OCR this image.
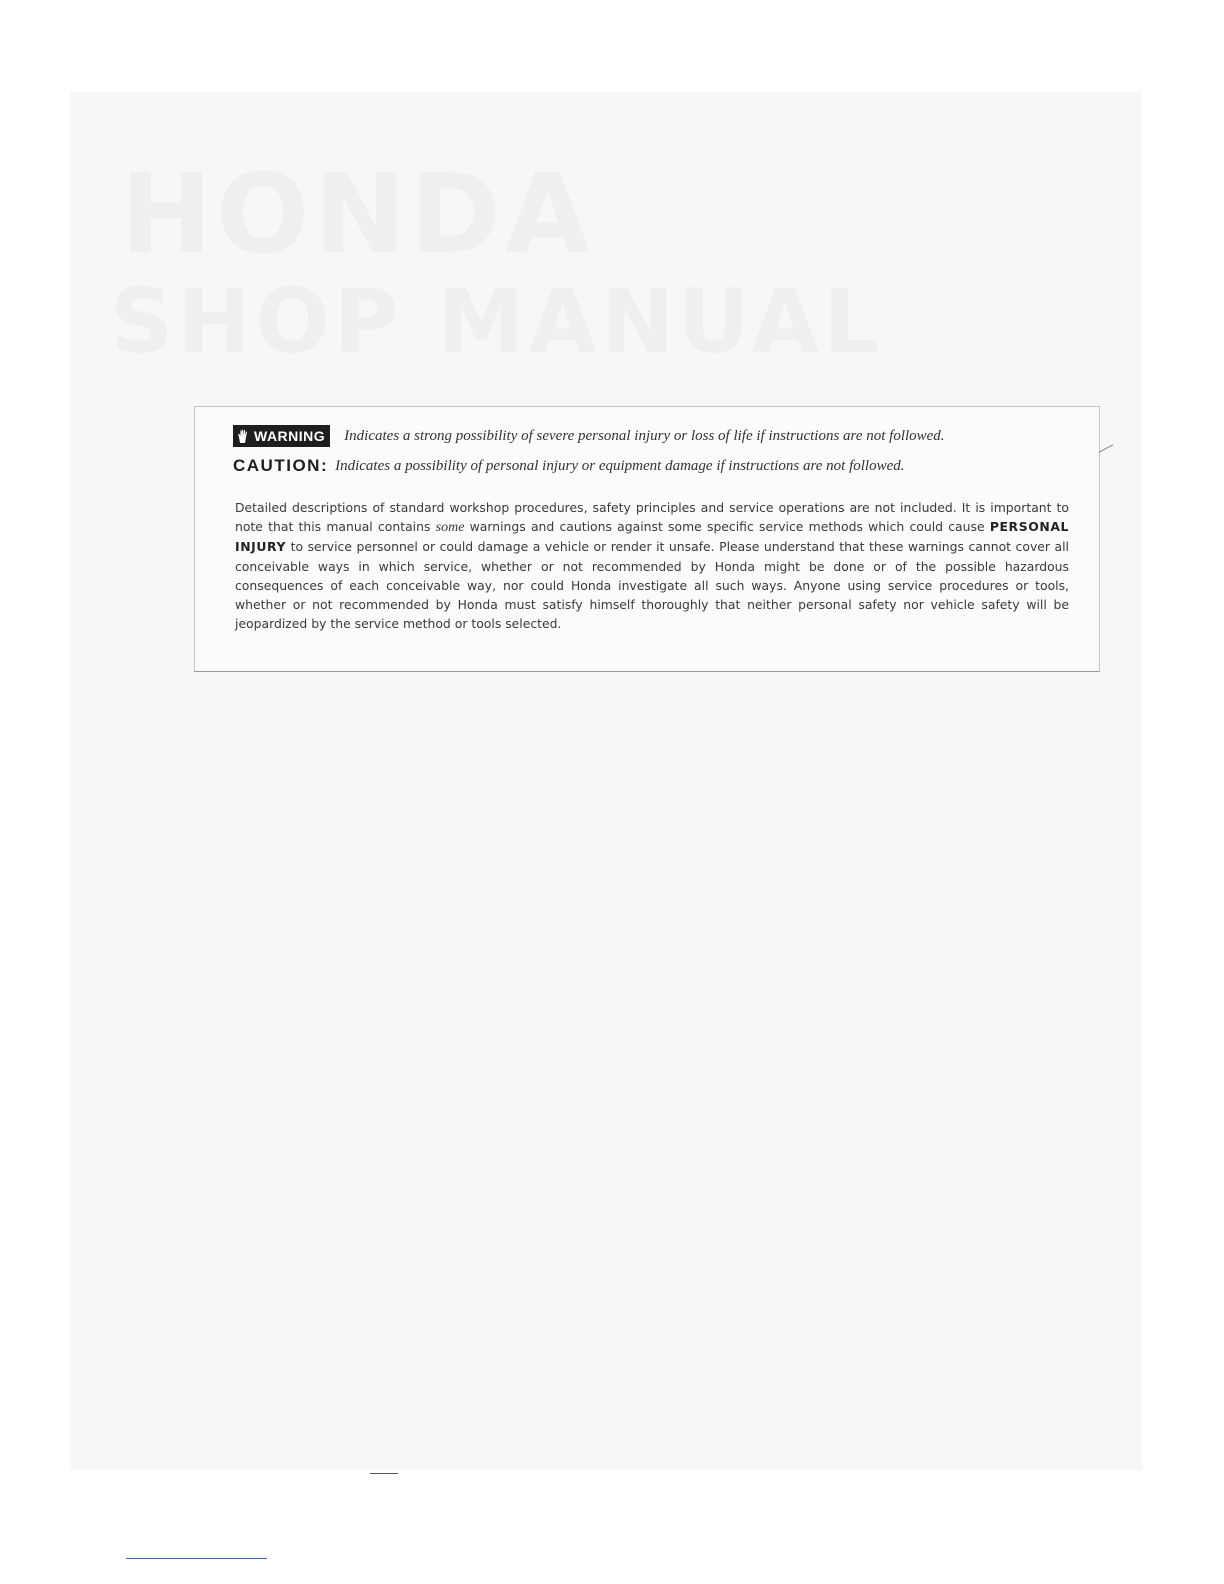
HONDA
SHOP MANUAL
WARNING Indicates a strong possibility of severe personal injury or loss of life if instructions are not followed.
CAUTION: Indicates a possibility of personal injury or equipment damage if instructions are not followed.

Detailed descriptions of standard workshop procedures, safety principles and service operations are not included. It is important to note that this manual contains some warnings and cautions against some specific service methods which could cause PERSONAL INJURY to service personnel or could damage a vehicle or render it unsafe. Please understand that these warnings cannot cover all conceivable ways in which service, whether or not recommended by Honda might be done or of the possible hazardous consequences of each conceivable way, nor could Honda investigate all such ways. Anyone using service procedures or tools, whether or not recommended by Honda must satisfy himself thoroughly that neither personal safety nor vehicle safety will be jeopardized by the service method or tools selected.
